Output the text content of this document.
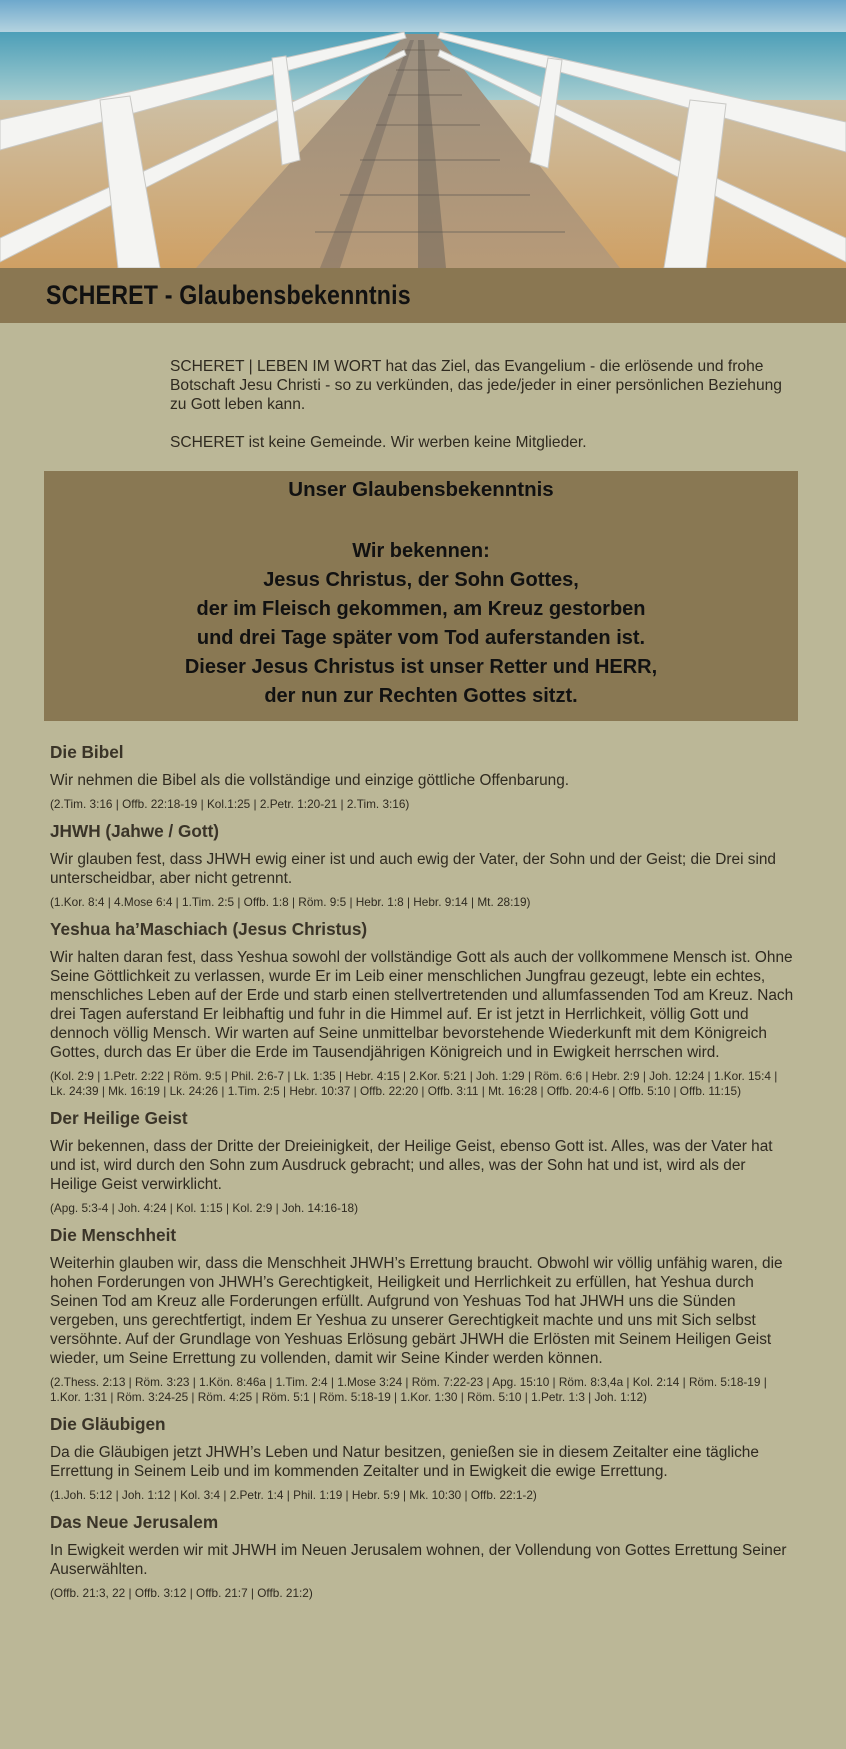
SCHERET - Glaubensbekenntnis

SCHERET | LEBEN IM WORT hat das Ziel, das Evangelium - die erlösende und frohe Botschaft Jesu Christi - so zu verkünden, das jede/jeder in einer persönlichen Beziehung zu Gott leben kann.

SCHERET ist keine Gemeinde. Wir werben keine Mitglieder.

Unser Glaubensbekenntnis
Wir bekennen:
Jesus Christus, der Sohn Gottes,
der im Fleisch gekommen, am Kreuz gestorben
und drei Tage später vom Tod auferstanden ist.
Dieser Jesus Christus ist unser Retter und HERR,
der nun zur Rechten Gottes sitzt.
Die Bibel
Wir nehmen die Bibel als die vollständige und einzige göttliche Offenbarung.
(2.Tim. 3:16 | Offb. 22:18-19 | Kol.1:25 | 2.Petr. 1:20-21 | 2.Tim. 3:16)
JHWH (Jahwe / Gott)
Wir glauben fest, dass JHWH ewig einer ist und auch ewig der Vater, der Sohn und der Geist; die Drei sind unterscheidbar, aber nicht getrennt.
(1.Kor. 8:4 | 4.Mose 6:4 | 1.Tim. 2:5 | Offb. 1:8 | Röm. 9:5 | Hebr. 1:8 | Hebr. 9:14 | Mt. 28:19)
Yeshua ha’Maschiach (Jesus Christus)
Wir halten daran fest, dass Yeshua sowohl der vollständige Gott als auch der vollkommene Mensch ist. Ohne Seine Göttlichkeit zu verlassen, wurde Er im Leib einer menschlichen Jungfrau gezeugt, lebte ein echtes, menschliches Leben auf der Erde und starb einen stellvertretenden und allumfassenden Tod am Kreuz. Nach drei Tagen auferstand Er leibhaftig und fuhr in die Himmel auf. Er ist jetzt in Herrlichkeit, völlig Gott und dennoch völlig Mensch. Wir warten auf Seine unmittelbar bevorstehende Wiederkunft mit dem Königreich Gottes, durch das Er über die Erde im Tausendjährigen Königreich und in Ewigkeit herrschen wird.
(Kol. 2:9 | 1.Petr. 2:22 | Röm. 9:5 | Phil. 2:6-7 | Lk. 1:35 | Hebr. 4:15 | 2.Kor. 5:21 | Joh. 1:29 | Röm. 6:6 | Hebr. 2:9 | Joh. 12:24 | 1.Kor. 15:4 | Lk. 24:39 | Mk. 16:19 | Lk. 24:26 | 1.Tim. 2:5 | Hebr. 10:37 | Offb. 22:20 | Offb. 3:11 | Mt. 16:28 | Offb. 20:4-6 | Offb. 5:10 | Offb. 11:15)
Der Heilige Geist
Wir bekennen, dass der Dritte der Dreieinigkeit, der Heilige Geist, ebenso Gott ist. Alles, was der Vater hat und ist, wird durch den Sohn zum Ausdruck gebracht; und alles, was der Sohn hat und ist, wird als der Heilige Geist verwirklicht.
(Apg. 5:3-4 | Joh. 4:24 | Kol. 1:15 | Kol. 2:9 | Joh. 14:16-18)
Die Menschheit
Weiterhin glauben wir, dass die Menschheit JHWH’s Errettung braucht. Obwohl wir völlig unfähig waren, die hohen Forderungen von JHWH’s Gerechtigkeit, Heiligkeit und Herrlichkeit zu erfüllen, hat Yeshua durch Seinen Tod am Kreuz alle Forderungen erfüllt. Aufgrund von Yeshuas Tod hat JHWH uns die Sünden vergeben, uns gerechtfertigt, indem Er Yeshua zu unserer Gerechtigkeit machte und uns mit Sich selbst versöhnte. Auf der Grundlage von Yeshuas Erlösung gebärt JHWH die Erlösten mit Seinem Heiligen Geist wieder, um Seine Errettung zu vollenden, damit wir Seine Kinder werden können.
(2.Thess. 2:13 | Röm. 3:23 | 1.Kön. 8:46a | 1.Tim. 2:4 | 1.Mose 3:24 | Röm. 7:22-23 | Apg. 15:10 | Röm. 8:3,4a | Kol. 2:14 | Röm. 5:18-19 | 1.Kor. 1:31 | Röm. 3:24-25 | Röm. 4:25 | Röm. 5:1 | Röm. 5:18-19 | 1.Kor. 1:30 | Röm. 5:10 | 1.Petr. 1:3 | Joh. 1:12)
Die Gläubigen
Da die Gläubigen jetzt JHWH’s Leben und Natur besitzen, genießen sie in diesem Zeitalter eine tägliche Errettung in Seinem Leib und im kommenden Zeitalter und in Ewigkeit die ewige Errettung.
(1.Joh. 5:12 | Joh. 1:12 | Kol. 3:4 | 2.Petr. 1:4 | Phil. 1:19 | Hebr. 5:9 | Mk. 10:30 | Offb. 22:1-2)
Das Neue Jerusalem
In Ewigkeit werden wir mit JHWH im Neuen Jerusalem wohnen, der Vollendung von Gottes Errettung Seiner Auserwählten.
(Offb. 21:3, 22 | Offb. 3:12 | Offb. 21:7 | Offb. 21:2)
